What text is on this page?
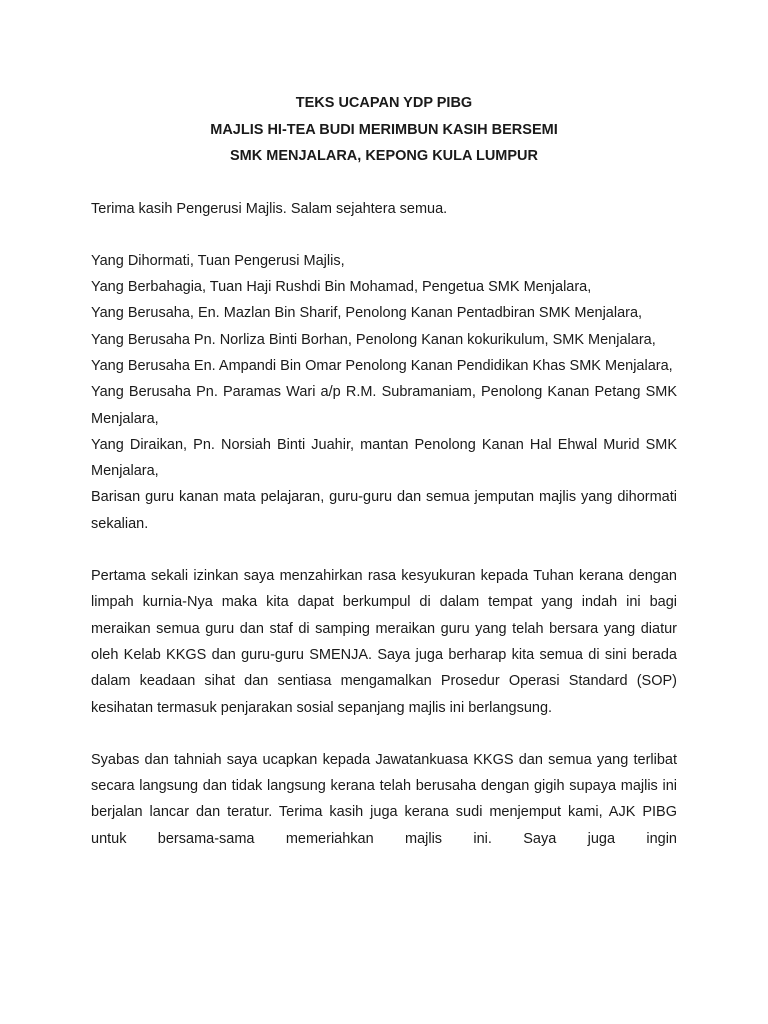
TEKS UCAPAN YDP PIBG
MAJLIS HI-TEA BUDI MERIMBUN KASIH BERSEMI
SMK MENJALARA, KEPONG KULA LUMPUR

Terima kasih Pengerusi Majlis. Salam sejahtera semua.

Yang Dihormati, Tuan Pengerusi Majlis,

Yang Berbahagia, Tuan Haji Rushdi Bin Mohamad, Pengetua SMK Menjalara,

Yang Berusaha, En. Mazlan Bin Sharif, Penolong Kanan Pentadbiran SMK Menjalara,

Yang Berusaha Pn. Norliza Binti Borhan, Penolong Kanan kokurikulum, SMK Menjalara,

Yang Berusaha En. Ampandi Bin Omar Penolong Kanan Pendidikan Khas SMK Menjalara,

Yang Berusaha Pn. Paramas Wari a/p R.M. Subramaniam, Penolong Kanan Petang SMK Menjalara,

Yang Diraikan, Pn. Norsiah Binti Juahir, mantan Penolong Kanan Hal Ehwal Murid SMK Menjalara,

Barisan guru kanan mata pelajaran, guru-guru dan semua jemputan majlis yang dihormati sekalian.

Pertama sekali izinkan saya menzahirkan rasa kesyukuran kepada Tuhan kerana dengan limpah kurnia-Nya maka kita dapat berkumpul di dalam tempat yang indah ini bagi meraikan semua guru dan staf di samping meraikan guru yang telah bersara yang diatur oleh Kelab KKGS dan guru-guru SMENJA. Saya juga berharap kita semua di sini berada dalam keadaan sihat dan sentiasa mengamalkan Prosedur Operasi Standard (SOP) kesihatan termasuk penjarakan sosial sepanjang majlis ini berlangsung.

Syabas dan tahniah saya ucapkan kepada Jawatankuasa KKGS dan semua yang terlibat secara langsung dan tidak langsung kerana telah berusaha dengan gigih supaya majlis ini berjalan lancar dan teratur. Terima kasih juga kerana sudi menjemput kami, AJK PIBG untuk bersama-sama memeriahkan majlis ini. Saya juga ingin
